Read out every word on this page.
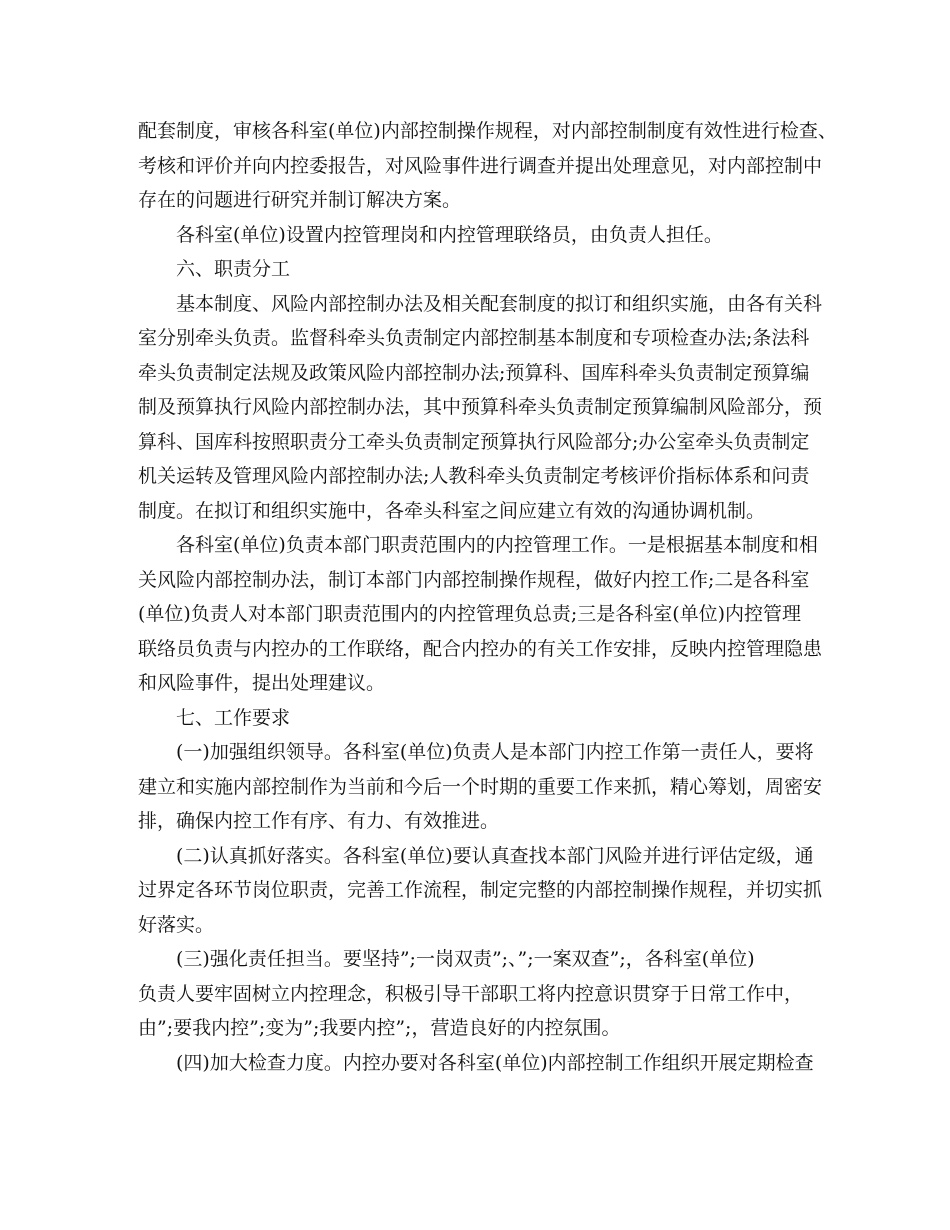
配套制度，审核各科室(单位)内部控制操作规程，对内部控制制度有效性进行检查、
考核和评价并向内控委报告，对风险事件进行调查并提出处理意见，对内部控制中
存在的问题进行研究并制订解决方案。
各科室(单位)设置内控管理岗和内控管理联络员，由负责人担任。
六、职责分工
基本制度、风险内部控制办法及相关配套制度的拟订和组织实施，由各有关科
室分别牵头负责。监督科牵头负责制定内部控制基本制度和专项检查办法;条法科
牵头负责制定法规及政策风险内部控制办法;预算科、国库科牵头负责制定预算编
制及预算执行风险内部控制办法，其中预算科牵头负责制定预算编制风险部分，预
算科、国库科按照职责分工牵头负责制定预算执行风险部分;办公室牵头负责制定
机关运转及管理风险内部控制办法;人教科牵头负责制定考核评价指标体系和问责
制度。在拟订和组织实施中，各牵头科室之间应建立有效的沟通协调机制。
各科室(单位)负责本部门职责范围内的内控管理工作。一是根据基本制度和相
关风险内部控制办法，制订本部门内部控制操作规程，做好内控工作;二是各科室
(单位)负责人对本部门职责范围内的内控管理负总责;三是各科室(单位)内控管理
联络员负责与内控办的工作联络，配合内控办的有关工作安排，反映内控管理隐患
和风险事件，提出处理建议。
七、工作要求
(一)加强组织领导。各科室(单位)负责人是本部门内控工作第一责任人，要将
建立和实施内部控制作为当前和今后一个时期的重要工作来抓，精心筹划，周密安
排，确保内控工作有序、有力、有效推进。
(二)认真抓好落实。各科室(单位)要认真查找本部门风险并进行评估定级，通
过界定各环节岗位职责，完善工作流程，制定完整的内部控制操作规程，并切实抓
好落实。
(三)强化责任担当。要坚持”;一岗双责”;、”;一案双查”;，各科室(单位)
负责人要牢固树立内控理念，积极引导干部职工将内控意识贯穿于日常工作中，
由”;要我内控”;变为”;我要内控”;，营造良好的内控氛围。
(四)加大检查力度。内控办要对各科室(单位)内部控制工作组织开展定期检查
